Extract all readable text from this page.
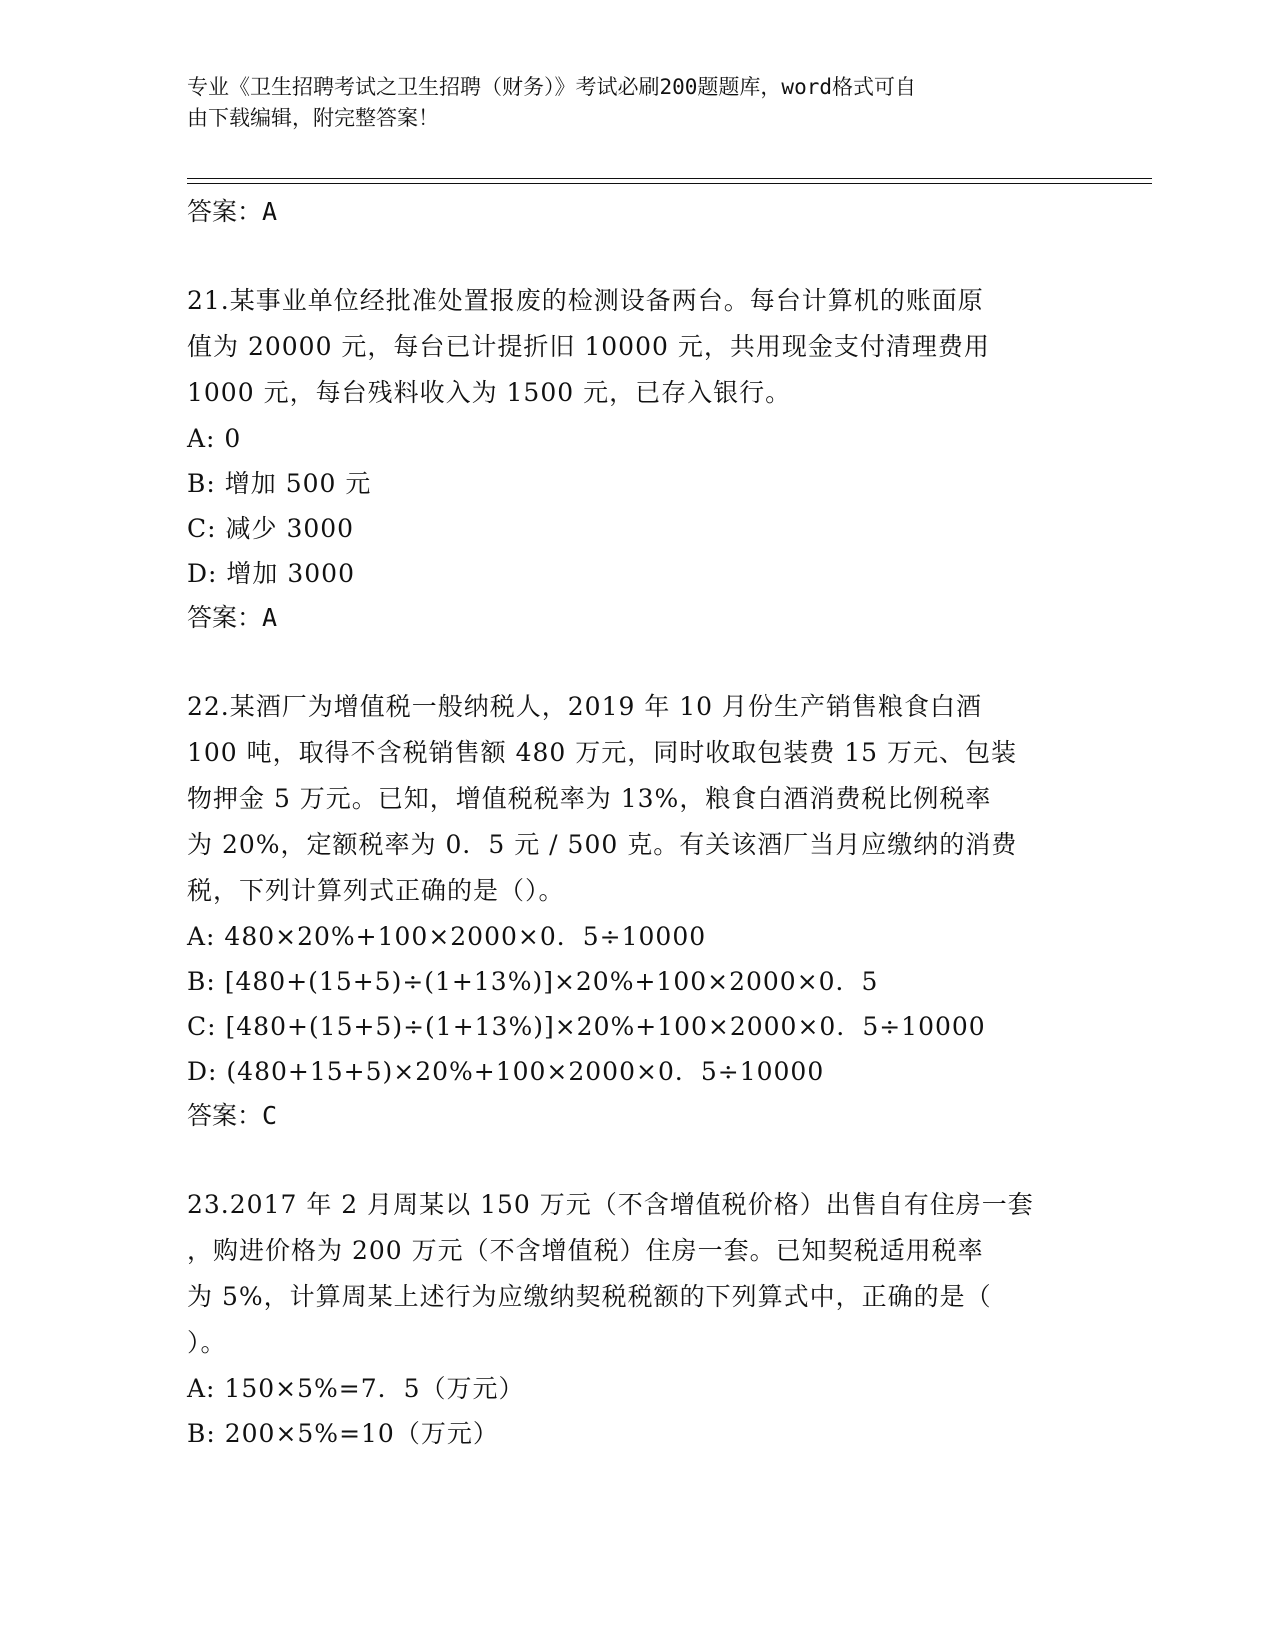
专业《卫生招聘考试之卫生招聘（财务）》考试必刷200题题库，word格式可自
由下载编辑，附完整答案！

答案：A

21.某事业单位经批准处置报废的检测设备两台。每台计算机的账面原

值为 20000 元，每台已计提折旧 10000 元，共用现金支付清理费用

1000 元，每台残料收入为 1500 元，已存入银行。

A: 0

B: 增加 500 元

C: 减少 3000

D: 增加 3000

答案：A

22.某酒厂为增值税一般纳税人，2019 年 10 月份生产销售粮食白酒

100 吨，取得不含税销售额 480 万元，同时收取包装费 15 万元、包装

物押金 5 万元。已知，增值税税率为 13%，粮食白酒消费税比例税率

为 20%，定额税率为 0．5 元 / 500 克。有关该酒厂当月应缴纳的消费

税，下列计算列式正确的是（）。

A: 480×20%+100×2000×0．5÷10000

B: [480+(15+5)÷(1+13%)]×20%+100×2000×0．5

C: [480+(15+5)÷(1+13%)]×20%+100×2000×0．5÷10000

D: (480+15+5)×20%+100×2000×0．5÷10000

答案：C

23.2017 年 2 月周某以 150 万元（不含增值税价格）出售自有住房一套

，购进价格为 200 万元（不含增值税）住房一套。已知契税适用税率

为 5%，计算周某上述行为应缴纳契税税额的下列算式中，正确的是（

）。

A: 150×5%=7．5（万元）

B: 200×5%=10（万元）
